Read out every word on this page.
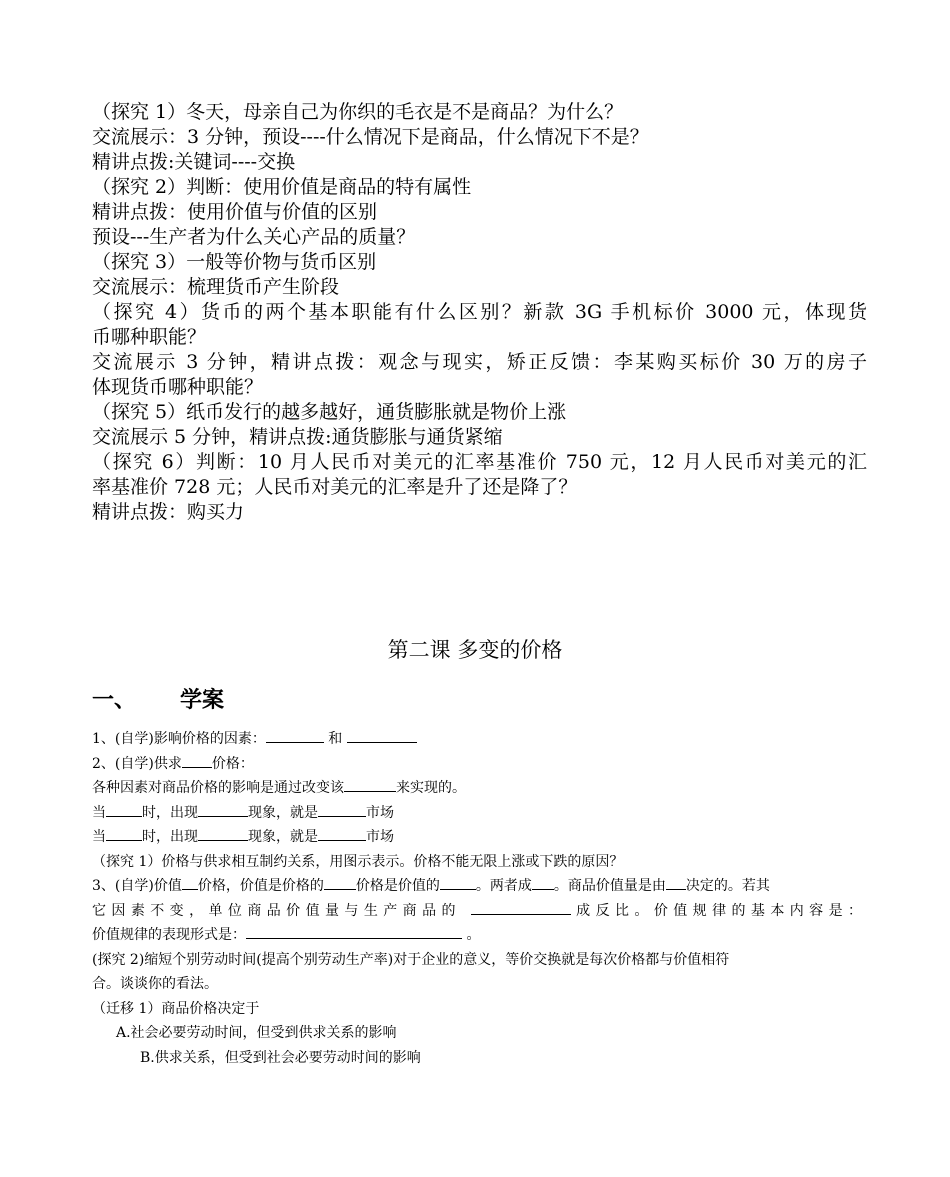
（探究 1）冬天，母亲自己为你织的毛衣是不是商品？为什么？

交流展示：3 分钟，预设----什么情况下是商品，什么情况下不是？

精讲点拨:关键词----交换

（探究 2）判断：使用价值是商品的特有属性

精讲点拨：使用价值与价值的区别

预设---生产者为什么关心产品的质量？

（探究 3）一般等价物与货币区别

交流展示：梳理货币产生阶段

（探究 4）货币的两个基本职能有什么区别？新款 3G 手机标价 3000 元，体现货

币哪种职能？

交流展示 3 分钟，精讲点拨：观念与现实，矫正反馈：李某购买标价 30 万的房子

体现货币哪种职能？

（探究 5）纸币发行的越多越好，通货膨胀就是物价上涨

交流展示 5 分钟，精讲点拨:通货膨胀与通货紧缩

（探究 6）判断：10 月人民币对美元的汇率基准价 750 元，12 月人民币对美元的汇

率基准价 728 元；人民币对美元的汇率是升了还是降了？

精讲点拨：购买力

第二课 多变的价格
一、 学案

1、(自学)影响价格的因素：	和

2、(自学)供求 价格：

各种因素对商品价格的影响是通过改变该	来实现的。

当	时，出现	现象，就是	市场

当	时，出现	现象，就是	市场

（探究 1）价格与供求相互制约关系，用图示表示。价格不能无限上涨或下跌的原因？

3、(自学)价值 价格，价值是价格的 价格是价值的	。两者成 。商品价值量是由 决定的。若其

它因素不变，单位商品价值量与生产商品的	成反比。价值规律的基本内容是：

价值规律的表现形式是：	。

(探究 2)缩短个别劳动时间(提高个别劳动生产率)对于企业的意义，等价交换就是每次价格都与价值相符

合。谈谈你的看法。

（迁移 1）商品价格决定于

A.社会必要劳动时间，但受到供求关系的影响

B.供求关系，但受到社会必要劳动时间的影响
